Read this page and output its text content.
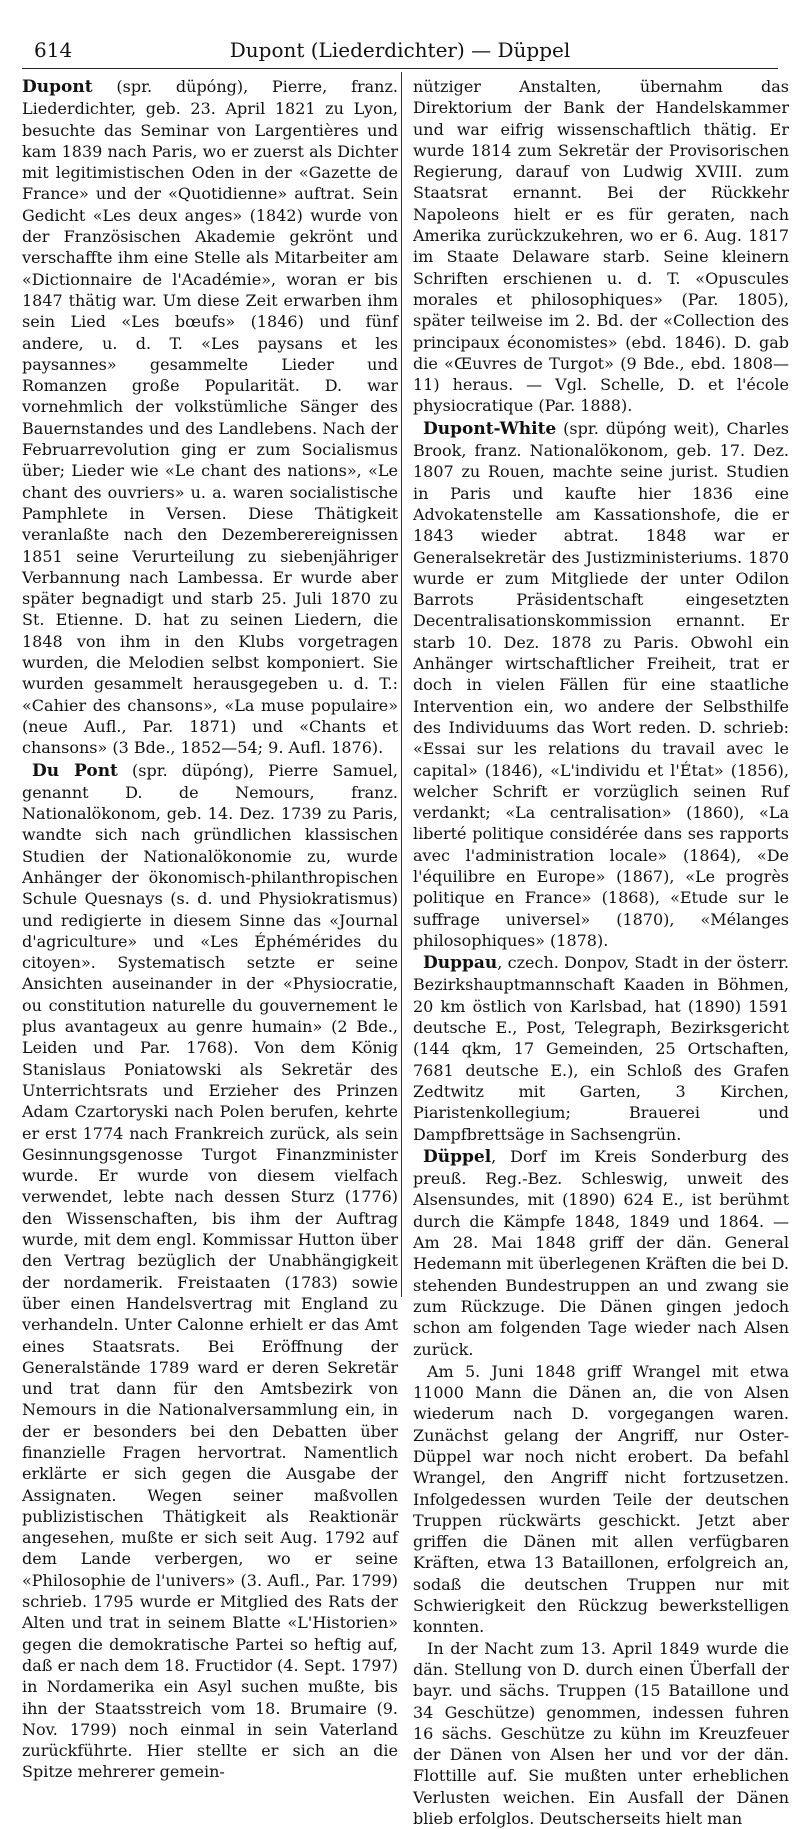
614	Dupont (Liederdichter) — Düppel

Dupont (spr. düpóng), Pierre, franz. Liederdichter, geb. 23. April 1821 zu Lyon, besuchte das Seminar von Largentières und kam 1839 nach Paris, wo er zuerst als Dichter mit legitimistischen Oden in der «Gazette de France» und der «Quotidienne» auftrat. Sein Gedicht «Les deux anges» (1842) wurde von der Französischen Akademie gekrönt und verschaffte ihm eine Stelle als Mitarbeiter am «Dictionnaire de l'Académie», woran er bis 1847 thätig war. Um diese Zeit erwarben ihm sein Lied «Les bœufs» (1846) und fünf andere, u. d. T. «Les paysans et les paysannes» gesammelte Lieder und Romanzen große Popularität. D. war vornehmlich der volkstümliche Sänger des Bauernstandes und des Landlebens. Nach der Februarrevolution ging er zum Socialismus über; Lieder wie «Le chant des nations», «Le chant des ouvriers» u. a. waren socialistische Pamphlete in Versen. Diese Thätigkeit veranlaßte nach den Dezemberereignissen 1851 seine Verurteilung zu siebenjähriger Verbannung nach Lambessa. Er wurde aber später begnadigt und starb 25. Juli 1870 zu St. Etienne. D. hat zu seinen Liedern, die 1848 von ihm in den Klubs vorgetragen wurden, die Melodien selbst komponiert. Sie wurden gesammelt herausgegeben u. d. T.: «Cahier des chansons», «La muse populaire» (neue Aufl., Par. 1871) und «Chants et chansons» (3 Bde., 1852—54; 9. Aufl. 1876).

Du Pont (spr. düpóng), Pierre Samuel, genannt D. de Nemours, franz. Nationalökonom, geb. 14. Dez. 1739 zu Paris, wandte sich nach gründlichen klassischen Studien der Nationalökonomie zu, wurde Anhänger der ökonomisch-philanthropischen Schule Quesnays (s. d. und Physiokratismus) und redigierte in diesem Sinne das «Journal d'agriculture» und «Les Éphémérides du citoyen». Systematisch setzte er seine Ansichten auseinander in der «Physiocratie, ou constitution naturelle du gouvernement le plus avantageux au genre humain» (2 Bde., Leiden und Par. 1768). Von dem König Stanislaus Poniatowski als Sekretär des Unterrichtsrats und Erzieher des Prinzen Adam Czartoryski nach Polen berufen, kehrte er erst 1774 nach Frankreich zurück, als sein Gesinnungsgenosse Turgot Finanzminister wurde. Er wurde von diesem vielfach verwendet, lebte nach dessen Sturz (1776) den Wissenschaften, bis ihm der Auftrag wurde, mit dem engl. Kommissar Hutton über den Vertrag bezüglich der Unabhängigkeit der nordamerik. Freistaaten (1783) sowie über einen Handelsvertrag mit England zu verhandeln. Unter Calonne erhielt er das Amt eines Staatsrats. Bei Eröffnung der Generalstände 1789 ward er deren Sekretär und trat dann für den Amtsbezirk von Nemours in die Nationalversammlung ein, in der er besonders bei den Debatten über finanzielle Fragen hervortrat. Namentlich erklärte er sich gegen die Ausgabe der Assignaten. Wegen seiner maßvollen publizistischen Thätigkeit als Reaktionär angesehen, mußte er sich seit Aug. 1792 auf dem Lande verbergen, wo er seine «Philosophie de l'univers» (3. Aufl., Par. 1799) schrieb. 1795 wurde er Mitglied des Rats der Alten und trat in seinem Blatte «L'Historien» gegen die demokratische Partei so heftig auf, daß er nach dem 18. Fructidor (4. Sept. 1797) in Nordamerika ein Asyl suchen mußte, bis ihn der Staatsstreich vom 18. Brumaire (9. Nov. 1799) noch einmal in sein Vaterland zurückführte. Hier stellte er sich an die Spitze mehrerer gemein-

nütziger Anstalten, übernahm das Direktorium der Bank der Handelskammer und war eifrig wissenschaftlich thätig. Er wurde 1814 zum Sekretär der Provisorischen Regierung, darauf von Ludwig XVIII. zum Staatsrat ernannt. Bei der Rückkehr Napoleons hielt er es für geraten, nach Amerika zurückzukehren, wo er 6. Aug. 1817 im Staate Delaware starb. Seine kleinern Schriften erschienen u. d. T. «Opuscules morales et philosophiques» (Par. 1805), später teilweise im 2. Bd. der «Collection des principaux économistes» (ebd. 1846). D. gab die «Œuvres de Turgot» (9 Bde., ebd. 1808—11) heraus. — Vgl. Schelle, D. et l'école physiocratique (Par. 1888).

Dupont-White (spr. düpóng weit), Charles Brook, franz. Nationalökonom, geb. 17. Dez. 1807 zu Rouen, machte seine jurist. Studien in Paris und kaufte hier 1836 eine Advokatenstelle am Kassationshofe, die er 1843 wieder abtrat. 1848 war er Generalsekretär des Justizministeriums. 1870 wurde er zum Mitgliede der unter Odilon Barrots Präsidentschaft eingesetzten Decentralisationskommission ernannt. Er starb 10. Dez. 1878 zu Paris. Obwohl ein Anhänger wirtschaftlicher Freiheit, trat er doch in vielen Fällen für eine staatliche Intervention ein, wo andere der Selbsthilfe des Individuums das Wort reden. D. schrieb: «Essai sur les relations du travail avec le capital» (1846), «L'individu et l'État» (1856), welcher Schrift er vorzüglich seinen Ruf verdankt; «La centralisation» (1860), «La liberté politique considérée dans ses rapports avec l'administration locale» (1864), «De l'équilibre en Europe» (1867), «Le progrès politique en France» (1868), «Etude sur le suffrage universel» (1870), «Mélanges philosophiques» (1878).

Duppau, czech. Donpov, Stadt in der österr. Bezirkshauptmannschaft Kaaden in Böhmen, 20 km östlich von Karlsbad, hat (1890) 1591 deutsche E., Post, Telegraph, Bezirksgericht (144 qkm, 17 Gemeinden, 25 Ortschaften, 7681 deutsche E.), ein Schloß des Grafen Zedtwitz mit Garten, 3 Kirchen, Piaristenkollegium; Brauerei und Dampfbrettsäge in Sachsengrün.

Düppel, Dorf im Kreis Sonderburg des preuß. Reg.-Bez. Schleswig, unweit des Alsensundes, mit (1890) 624 E., ist berühmt durch die Kämpfe 1848, 1849 und 1864. — Am 28. Mai 1848 griff der dän. General Hedemann mit überlegenen Kräften die bei D. stehenden Bundestruppen an und zwang sie zum Rückzuge. Die Dänen gingen jedoch schon am folgenden Tage wieder nach Alsen zurück.

Am 5. Juni 1848 griff Wrangel mit etwa 11000 Mann die Dänen an, die von Alsen wiederum nach D. vorgegangen waren. Zunächst gelang der Angriff, nur Oster-Düppel war noch nicht erobert. Da befahl Wrangel, den Angriff nicht fortzusetzen. Infolgedessen wurden Teile der deutschen Truppen rückwärts geschickt. Jetzt aber griffen die Dänen mit allen verfügbaren Kräften, etwa 13 Bataillonen, erfolgreich an, sodaß die deutschen Truppen nur mit Schwierigkeit den Rückzug bewerkstelligen konnten.

In der Nacht zum 13. April 1849 wurde die dän. Stellung von D. durch einen Überfall der bayr. und sächs. Truppen (15 Bataillone und 34 Geschütze) genommen, indessen fuhren 16 sächs. Geschütze zu kühn im Kreuzfeuer der Dänen von Alsen her und vor der dän. Flottille auf. Sie mußten unter erheblichen Verlusten weichen. Ein Ausfall der Dänen blieb erfolglos. Deutscherseits hielt man
